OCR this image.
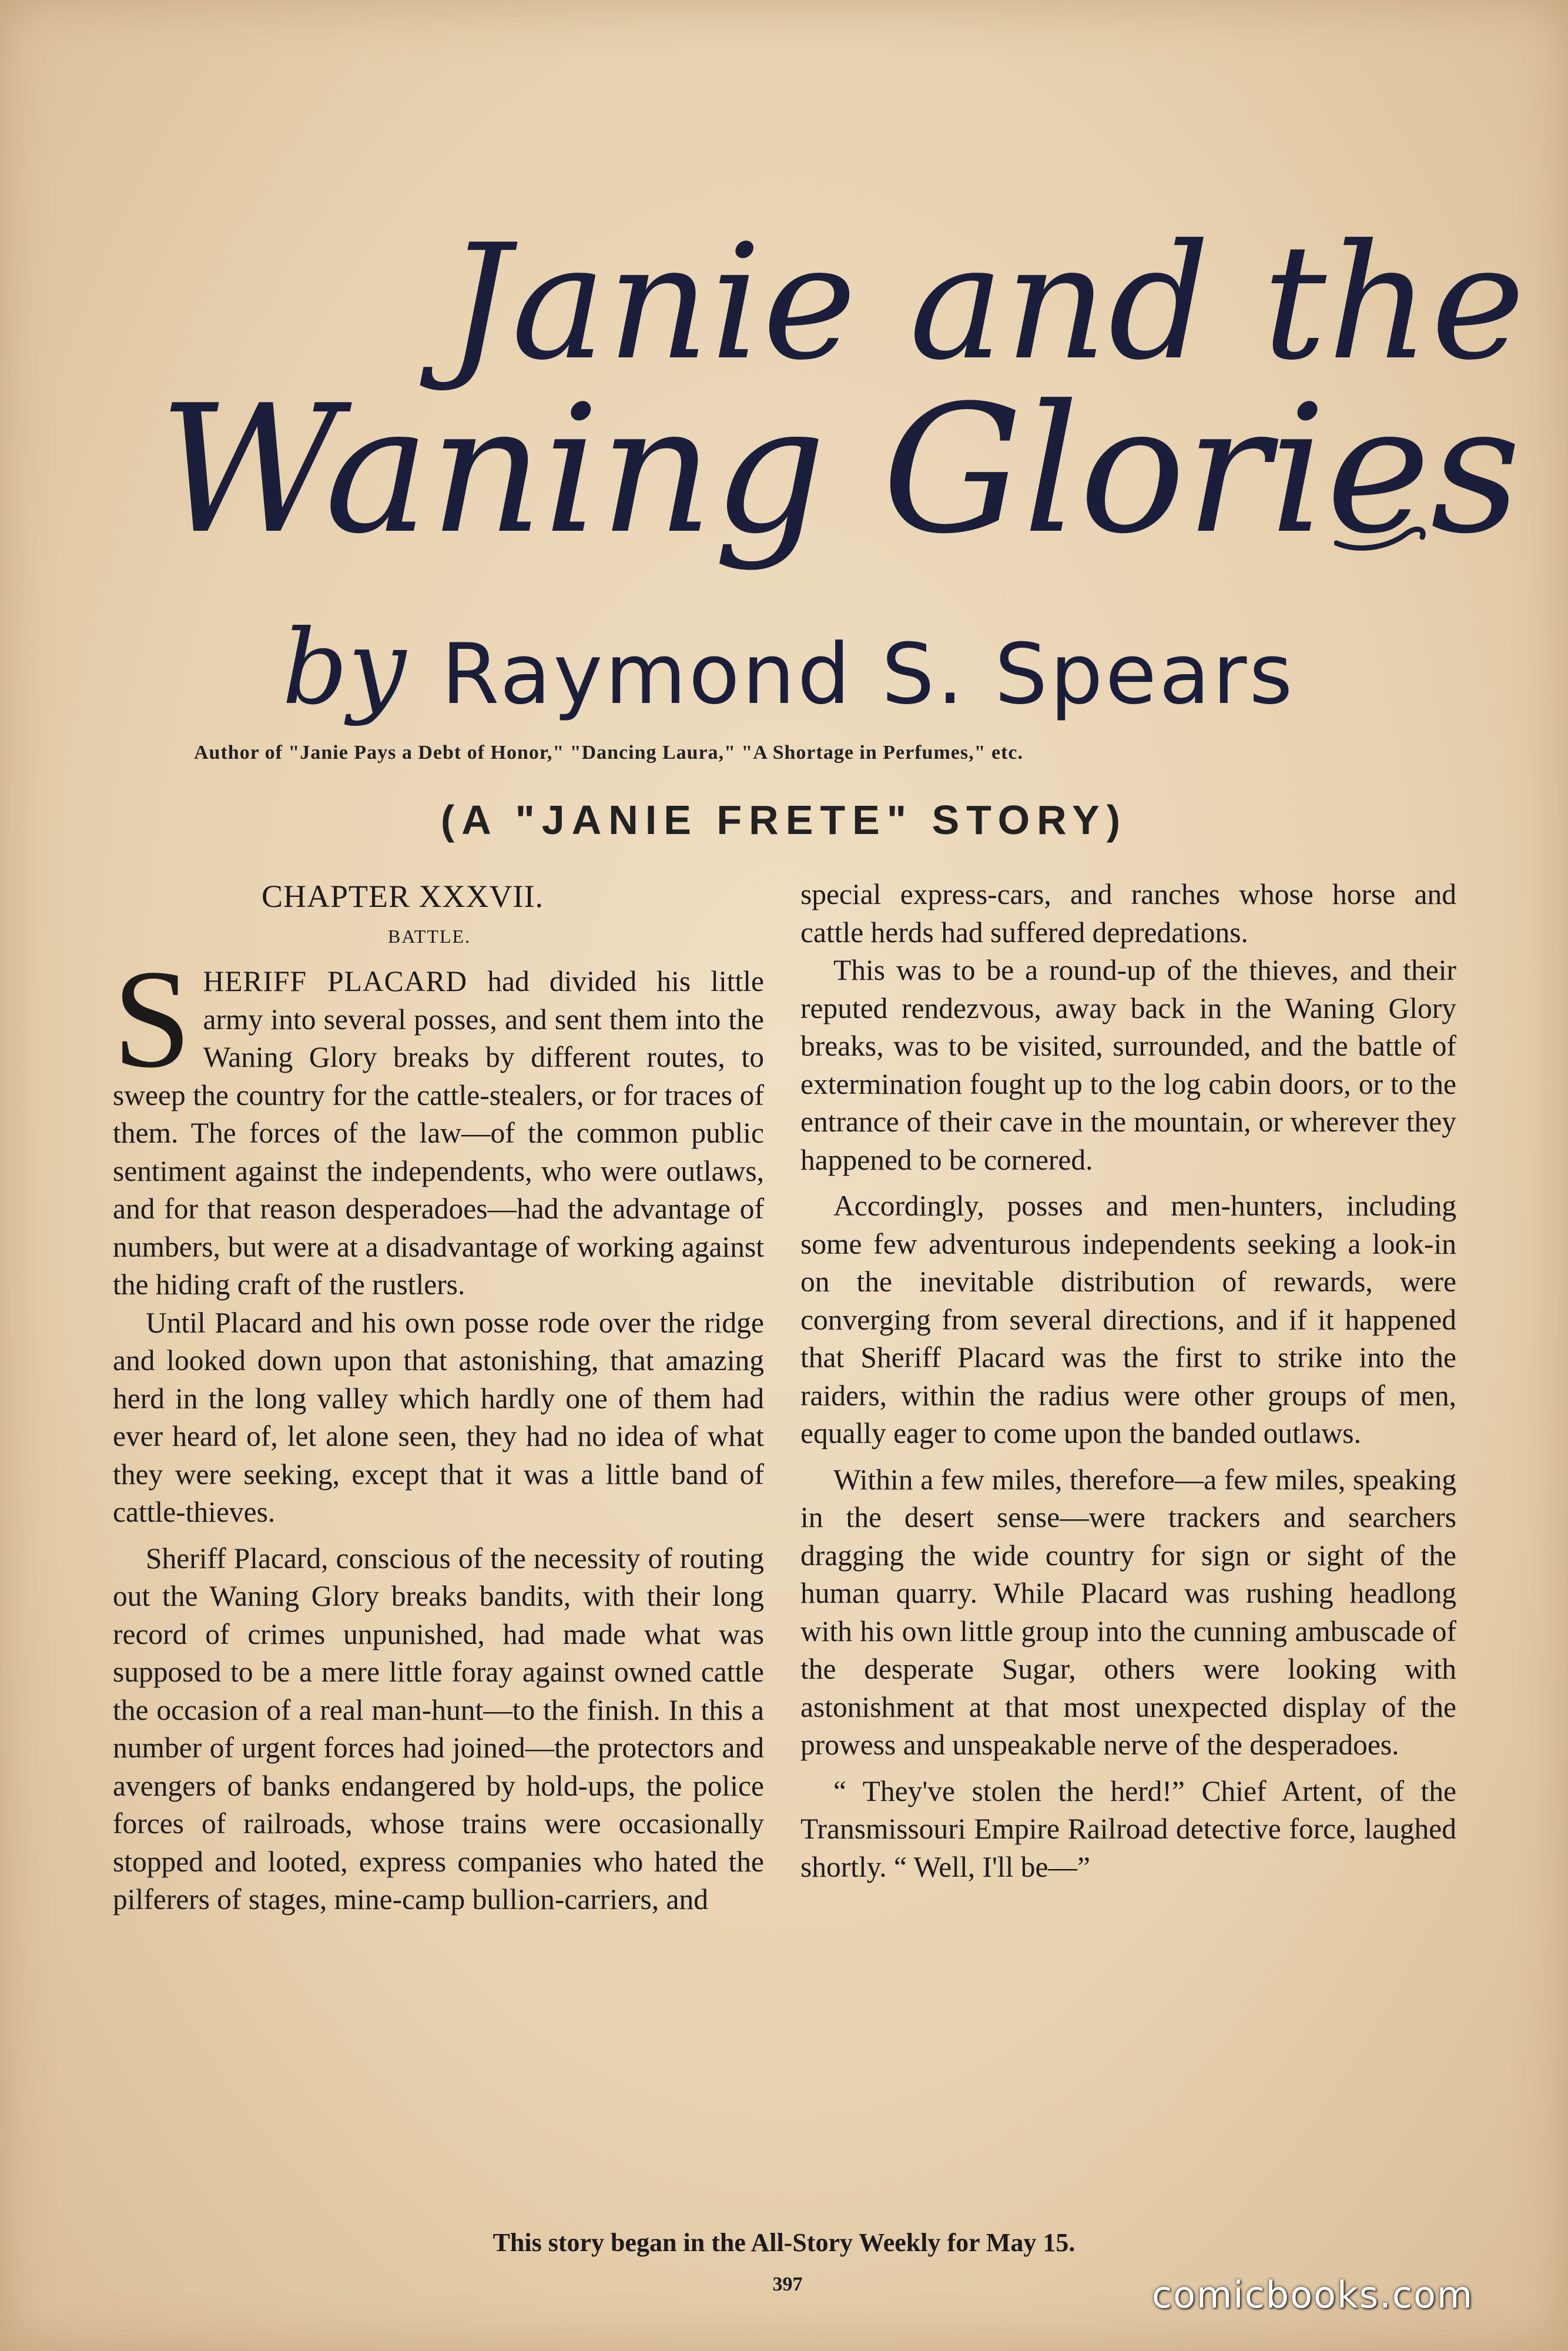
Janie and the
Waning Glories
by Raymond S. Spears
Author of "Janie Pays a Debt of Honor," "Dancing Laura," "A Shortage in Perfumes," etc.
(A "JANIE FRETE" STORY)
CHAPTER XXXVII.
BATTLE.

SHERIFF PLACARD had divided his little army into several posses, and sent them into the Waning Glory breaks by different routes, to sweep the country for the cattle-stealers, or for traces of them. The forces of the law—of the common public sentiment against the independents, who were outlaws, and for that reason desperadoes—had the advantage of numbers, but were at a disadvantage of working against the hiding craft of the rustlers.

Until Placard and his own posse rode over the ridge and looked down upon that astonishing, that amazing herd in the long valley which hardly one of them had ever heard of, let alone seen, they had no idea of what they were seeking, except that it was a little band of cattle-thieves.

Sheriff Placard, conscious of the necessity of routing out the Waning Glory breaks bandits, with their long record of crimes unpunished, had made what was supposed to be a mere little foray against owned cattle the occasion of a real man-hunt—to the finish. In this a number of urgent forces had joined—the protectors and avengers of banks endangered by hold-ups, the police forces of railroads, whose trains were occasionally stopped and looted, express companies who hated the pilferers of stages, mine-camp bullion-carriers, and

special express-cars, and ranches whose horse and cattle herds had suffered depredations.

This was to be a round-up of the thieves, and their reputed rendezvous, away back in the Waning Glory breaks, was to be visited, surrounded, and the battle of extermination fought up to the log cabin doors, or to the entrance of their cave in the mountain, or wherever they happened to be cornered.

Accordingly, posses and men-hunters, including some few adventurous independents seeking a look-in on the inevitable distribution of rewards, were converging from several directions, and if it happened that Sheriff Placard was the first to strike into the raiders, within the radius were other groups of men, equally eager to come upon the banded outlaws.

Within a few miles, therefore—a few miles, speaking in the desert sense—were trackers and searchers dragging the wide country for sign or sight of the human quarry. While Placard was rushing headlong with his own little group into the cunning ambuscade of the desperate Sugar, others were looking with astonishment at that most unexpected display of the prowess and unspeakable nerve of the desperadoes.

“ They've stolen the herd!” Chief Artent, of the Transmissouri Empire Railroad detective force, laughed shortly. “ Well, I'll be—”

This story began in the All-Story Weekly for May 15.
397	comicbooks.com
